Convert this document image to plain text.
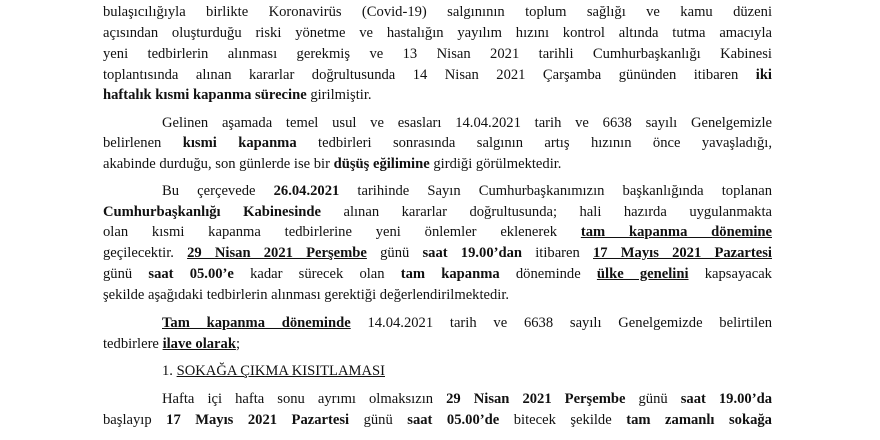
bulaşıcılığıyla birlikte Koronavirüs (Covid-19) salgınının toplum sağlığı ve kamu düzeni
açısından oluşturduğu riski yönetme ve hastalığın yayılım hızını kontrol altında tutma amacıyla
yeni tedbirlerin alınması gerekmiş ve 13 Nisan 2021 tarihli Cumhurbaşkanlığı Kabinesi
toplantısında alınan kararlar doğrultusunda 14 Nisan 2021 Çarşamba gününden itibaren iki
haftalık kısmi kapanma sürecine girilmiştir.
Gelinen aşamada temel usul ve esasları 14.04.2021 tarih ve 6638 sayılı Genelgemizle
belirlenen kısmi kapanma tedbirleri sonrasında salgının artış hızının önce yavaşladığı,
akabinde durduğu, son günlerde ise bir düşüş eğilimine girdiği görülmektedir.
Bu çerçevede 26.04.2021 tarihinde Sayın Cumhurbaşkanımızın başkanlığında toplanan
Cumhurbaşkanlığı Kabinesinde alınan kararlar doğrultusunda; hali hazırda uygulanmakta
olan kısmi kapanma tedbirlerine yeni önlemler eklenerek tam kapanma dönemine
geçilecektir. 29 Nisan 2021 Perşembe günü saat 19.00’dan itibaren 17 Mayıs 2021 Pazartesi
günü saat 05.00’e kadar sürecek olan tam kapanma döneminde ülke genelini kapsayacak
şekilde aşağıdaki tedbirlerin alınması gerektiği değerlendirilmektedir.
Tam kapanma döneminde 14.04.2021 tarih ve 6638 sayılı Genelgemizde belirtilen
tedbirlere ilave olarak;
1. SOKAĞA ÇIKMA KISITLAMASI
Hafta içi hafta sonu ayrımı olmaksızın 29 Nisan 2021 Perşembe günü saat 19.00’da
başlayıp 17 Mayıs 2021 Pazartesi günü saat 05.00’de bitecek şekilde tam zamanlı sokağa
